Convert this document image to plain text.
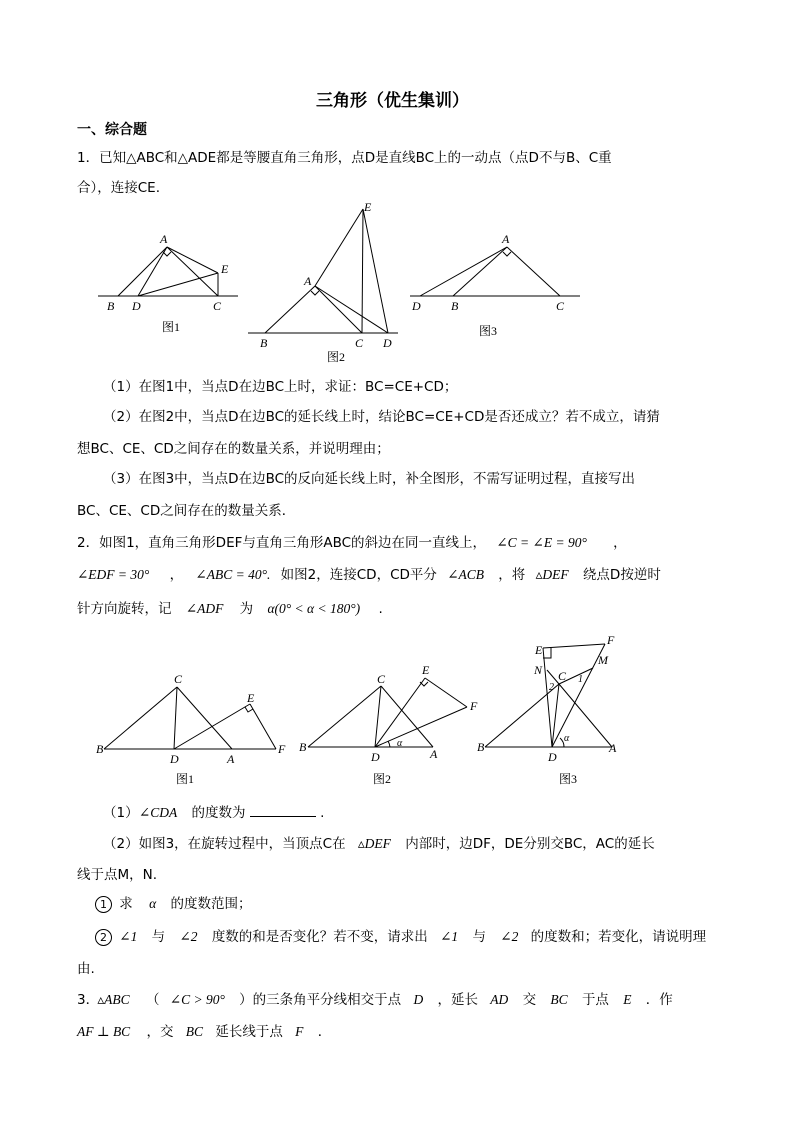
三角形（优生集训）
一、综合题
1．已知△ABC和△ADE都是等腰直角三角形，点D是直线BC上的一动点（点D不与B、C重
合），连接CE.
A
B D	C
E
E
A
B	C D
A
D	B	C
图1
图2
图3
（1）在图1中，当点D在边BC上时，求证：BC=CE+CD；
（2）在图2中，当点D在边BC的延长线上时，结论BC=CE+CD是否还成立？若不成立，请猜
想BC、CE、CD之间存在的数量关系，并说明理由；
（3）在图3中，当点D在边BC的反向延长线上时，补全图形，不需写证明过程，直接写出
BC、CE、CD之间存在的数量关系．
2．如图1，直角三角形DEF与直角三角形ABC的斜边在同一直线上， ∠C = ∠E = 90° ，
∠EDF = 30° ， ∠ABC = 40°. 如图2，连接CD，CD平分 ∠ACB ，将 ▵DEF 绕点D按逆时
针方向旋转，记 ∠ADF 为 α(0° < α < 180°) .
C
B
D	A
E
F
C
B
D	A
E
F
α
E
F
M
N C 1
2
B
D
A
α
图1	图2	图3
（1） ∠CDA 的度数为	.
（2）如图3，在旋转过程中，当顶点C在 ▵DEF 内部时，边DF，DE分别交BC，AC的延长
线于点M，N.
1 求 α 的度数范围；
2 ∠1 与 ∠2 度数的和是否变化？若不变，请求出 ∠1 与 ∠2 的度数和；若变化，请说明理
由.
3． ▵ABC （ ∠C > 90° ）的三条角平分线相交于点 D ，延长 AD 交 BC 于点 E ．作
AF ⊥ BC ，交 BC 延长线于点 F ．
